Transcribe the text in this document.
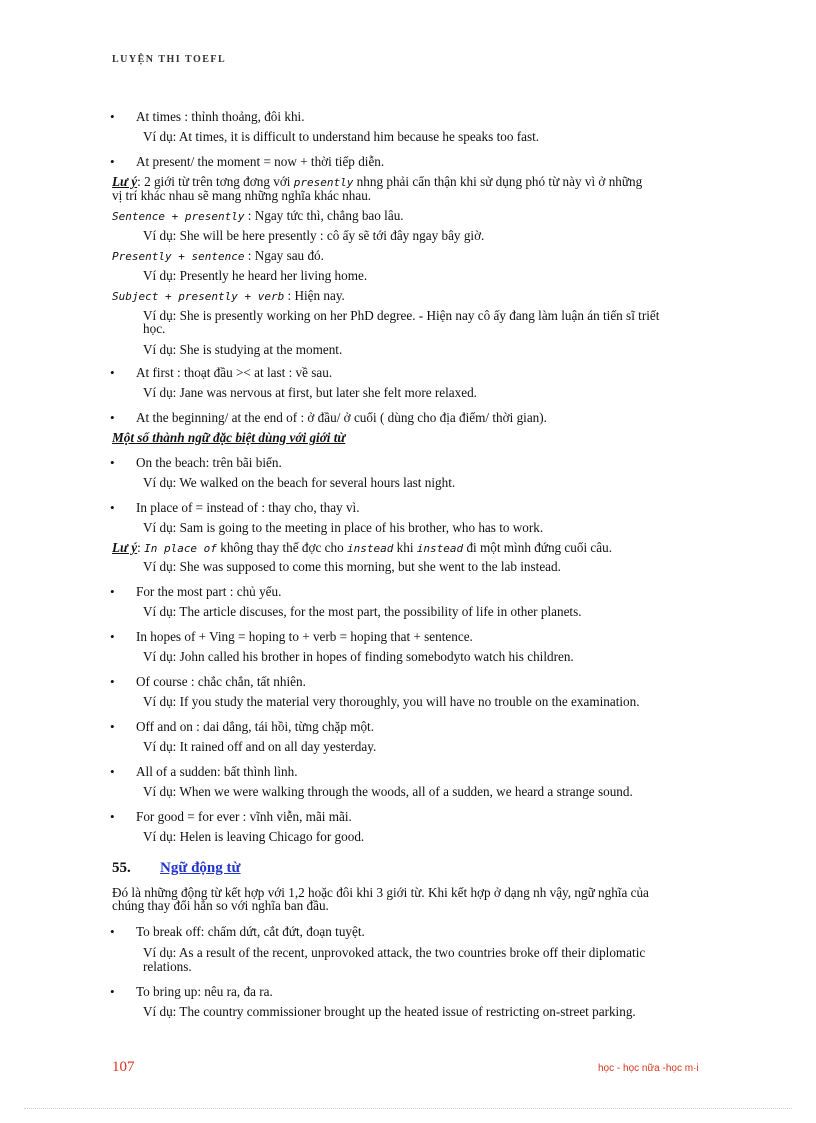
LUYỆN THI TOEFL
• At times : thỉnh thoảng, đôi khi.
Ví dụ: At times, it is difficult to understand him because he speaks too fast.
• At present/ the moment = now + thời tiếp diễn.
Lư ý: 2 giới từ trên tơng đơng với presently nhng phải cẩn thận khi sử dụng phó từ này vì ở những
vị trí khác nhau sẽ mang những nghĩa khác nhau.
Sentence + presently : Ngay tức thì, chẳng bao lâu.
Ví dụ: She will be here presently : cô ấy sẽ tới đây ngay bây giờ.
Presently + sentence : Ngay sau đó.
Ví dụ: Presently he heard her living home.
Subject + presently + verb : Hiện nay.
Ví dụ: She is presently working on her PhD degree. - Hiện nay cô ấy đang làm luận án tiến sĩ triết
học.
Ví dụ: She is studying at the moment.
• At first : thoạt đầu >< at last : về sau.
Ví dụ: Jane was nervous at first, but later she felt more relaxed.
• At the beginning/ at the end of : ở đầu/ ở cuối ( dùng cho địa điểm/ thời gian).
Một số thành ngữ đặc biệt dùng với giới từ
• On the beach: trên bãi biển.
Ví dụ: We walked on the beach for several hours last night.
• In place of = instead of : thay cho, thay vì.
Ví dụ: Sam is going to the meeting in place of his brother, who has to work.
Lư ý: In place of không thay thế đợc cho instead khi instead đi một mình đứng cuối câu.
Ví dụ: She was supposed to come this morning, but she went to the lab instead.
• For the most part : chủ yếu.
Ví dụ: The article discuses, for the most part, the possibility of life in other planets.
• In hopes of + Ving = hoping to + verb = hoping that + sentence.
Ví dụ: John called his brother in hopes of finding somebodyto watch his children.
• Of course : chắc chắn, tất nhiên.
Ví dụ: If you study the material very thoroughly, you will have no trouble on the examination.
• Off and on : dai dẳng, tái hồi, từng chặp một.
Ví dụ: It rained off and on all day yesterday.
• All of a sudden: bất thình lình.
Ví dụ: When we were walking through the woods, all of a sudden, we heard a strange sound.
• For good = for ever : vĩnh viễn, mãi mãi.
Ví dụ: Helen is leaving Chicago for good.
55. Ngữ động từ
Đó là những động từ kết hợp với 1,2 hoặc đôi khi 3 giới từ. Khi kết hợp ở dạng nh vậy, ngữ nghĩa của
chúng thay đổi hẳn so với nghĩa ban đầu.
• To break off: chấm dứt, cắt đứt, đoạn tuyệt.
Ví dụ: As a result of the recent, unprovoked attack, the two countries broke off their diplomatic
relations.
• To bring up: nêu ra, đa ra.
Ví dụ: The country commissioner brought up the heated issue of restricting on-street parking.
107	học - học nữa -học m·i
